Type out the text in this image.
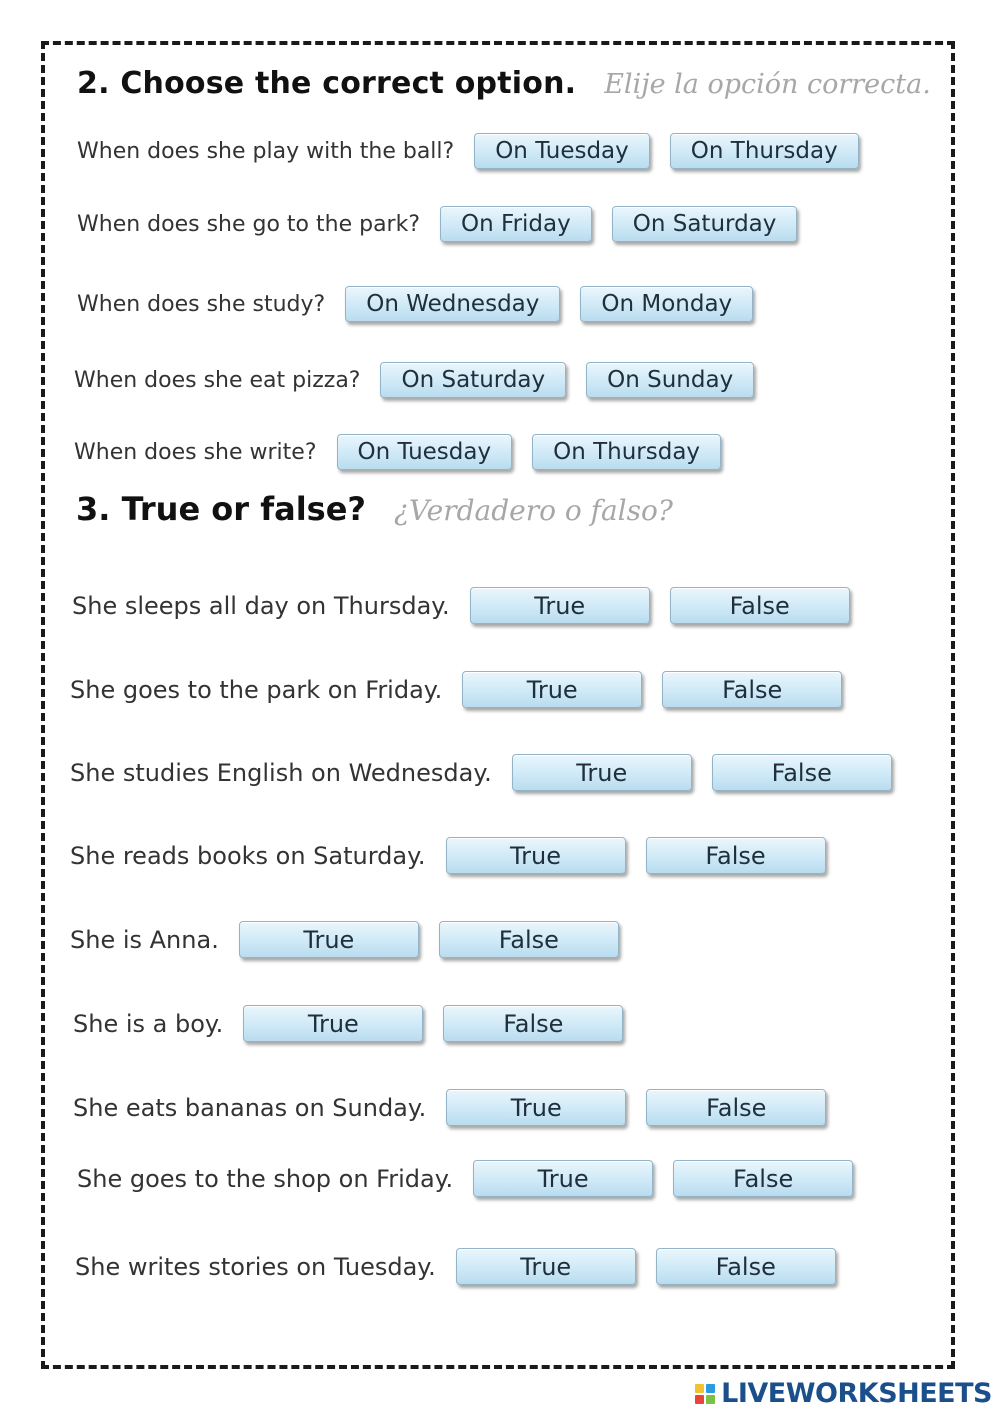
2. Choose the correct option. Elije la opción correcta.
When does she play with the ball?	On Tuesday	On Thursday
When does she go to the park?	On Friday	On Saturday
When does she study?	On Wednesday	On Monday
When does she eat pizza?	On Saturday	On Sunday
When does she write?	On Tuesday	On Thursday
3. True or false? ¿Verdadero o falso?
She sleeps all day on Thursday.	True	False
She goes to the park on Friday.	True	False
She studies English on Wednesday.	True	False
She reads books on Saturday.	True	False
She is Anna.	True	False
She is a boy.	True	False
She eats bananas on Sunday.	True	False
She goes to the shop on Friday.	True	False
She writes stories on Tuesday.	True	False
LIVEWORKSHEETS
